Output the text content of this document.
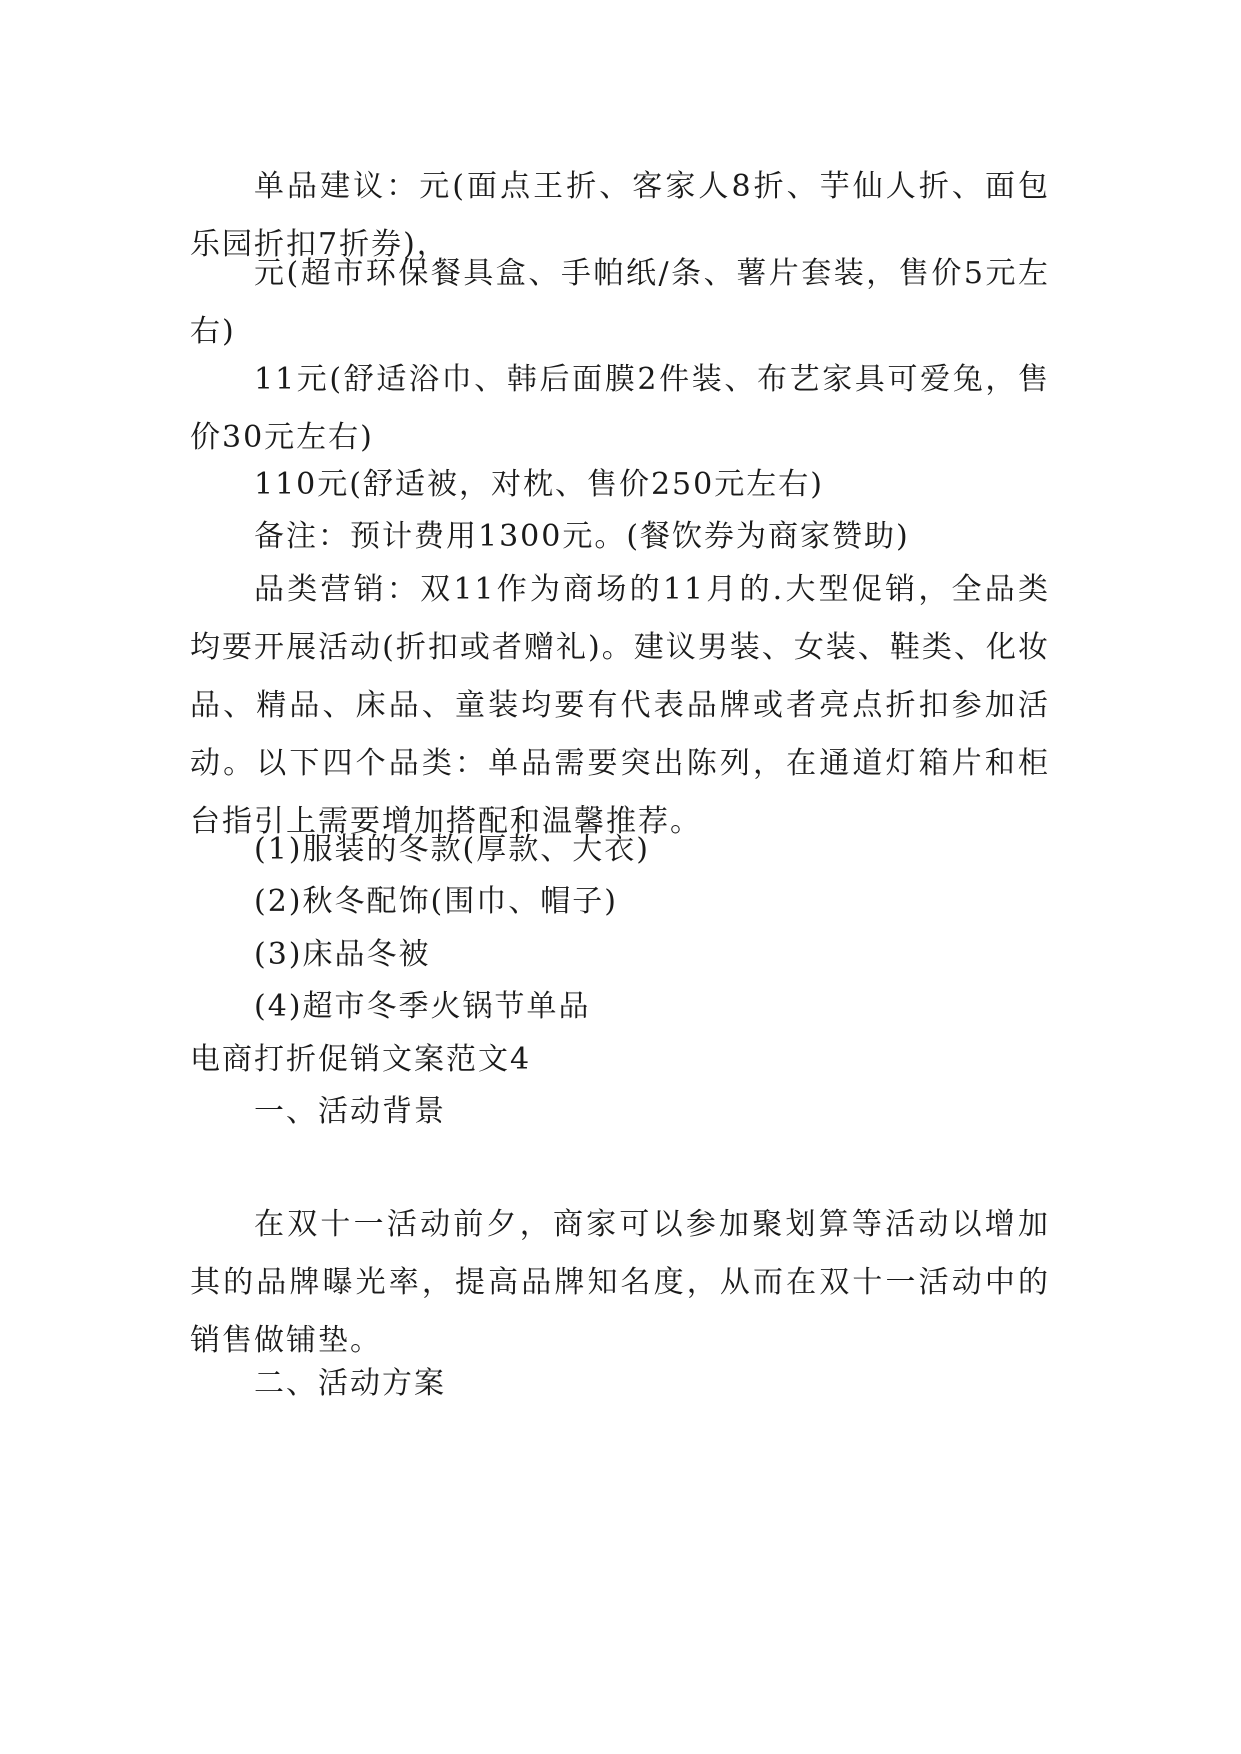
单品建议：元(面点王折、客家人8折、芋仙人折、面包乐园折扣7折券)，

元(超市环保餐具盒、手帕纸/条、薯片套装，售价5元左右)

11元(舒适浴巾、韩后面膜2件装、布艺家具可爱兔，售价30元左右)

110元(舒适被，对枕、售价250元左右)

备注：预计费用1300元。(餐饮券为商家赞助)

品类营销：双11作为商场的11月的.大型促销，全品类均要开展活动(折扣或者赠礼)。建议男装、女装、鞋类、化妆品、精品、床品、童装均要有代表品牌或者亮点折扣参加活动。以下四个品类：单品需要突出陈列，在通道灯箱片和柜台指引上需要增加搭配和温馨推荐。

(1)服装的冬款(厚款、大衣)

(2)秋冬配饰(围巾、帽子)

(3)床品冬被

(4)超市冬季火锅节单品

电商打折促销文案范文4

一、活动背景

在双十一活动前夕，商家可以参加聚划算等活动以增加其的品牌曝光率，提高品牌知名度，从而在双十一活动中的销售做铺垫。

二、活动方案
